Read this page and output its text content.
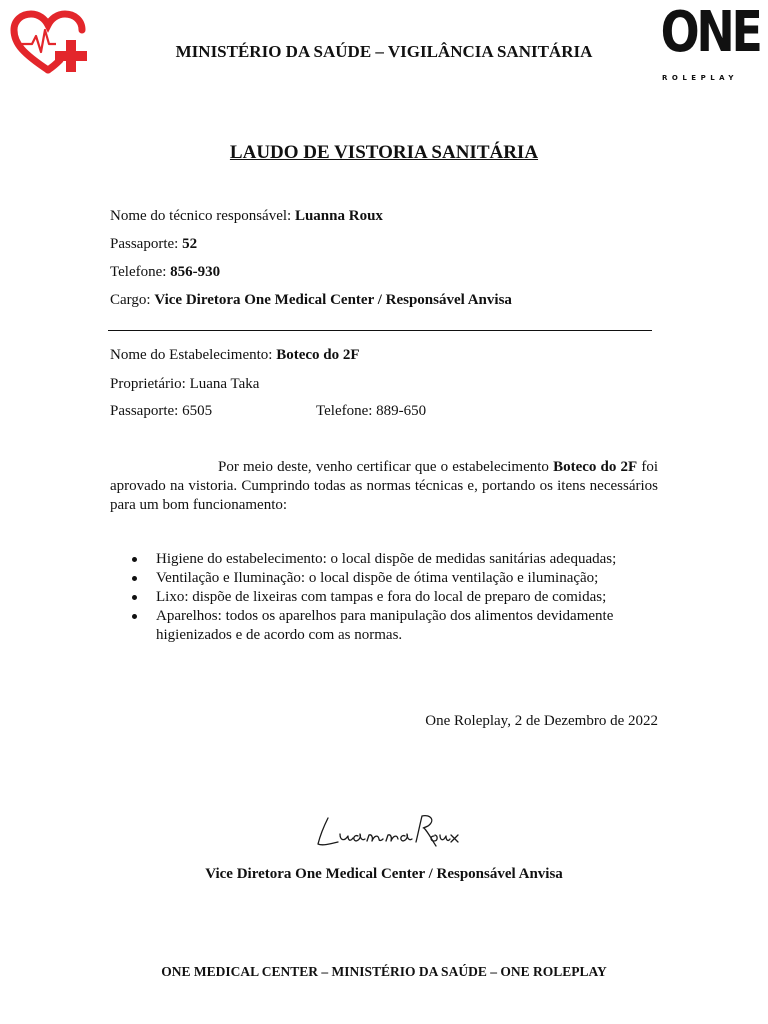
ONE
ROLEPLAY
MINISTÉRIO DA SAÚDE – VIGILÂNCIA SANITÁRIA
LAUDO DE VISTORIA SANITÁRIA
Nome do técnico responsável: Luanna Roux
Passaporte: 52
Telefone: 856-930
Cargo: Vice Diretora One Medical Center / Responsável Anvisa
Nome do Estabelecimento: Boteco do 2F
Proprietário: Luana Taka
Passaporte: 6505	Telefone: 889-650
Por meio deste, venho certificar que o estabelecimento Boteco do 2F foi aprovado na vistoria. Cumprindo todas as normas técnicas e, portando os itens necessários para um bom funcionamento:
Higiene do estabelecimento: o local dispõe de medidas sanitárias adequadas;
Ventilação e Iluminação: o local dispõe de ótima ventilação e iluminação;
Lixo: dispõe de lixeiras com tampas e fora do local de preparo de comidas;
Aparelhos: todos os aparelhos para manipulação dos alimentos devidamente higienizados e de acordo com as normas.
One Roleplay, 2 de Dezembro de 2022
Vice Diretora One Medical Center / Responsável Anvisa
ONE MEDICAL CENTER – MINISTÉRIO DA SAÚDE – ONE ROLEPLAY
